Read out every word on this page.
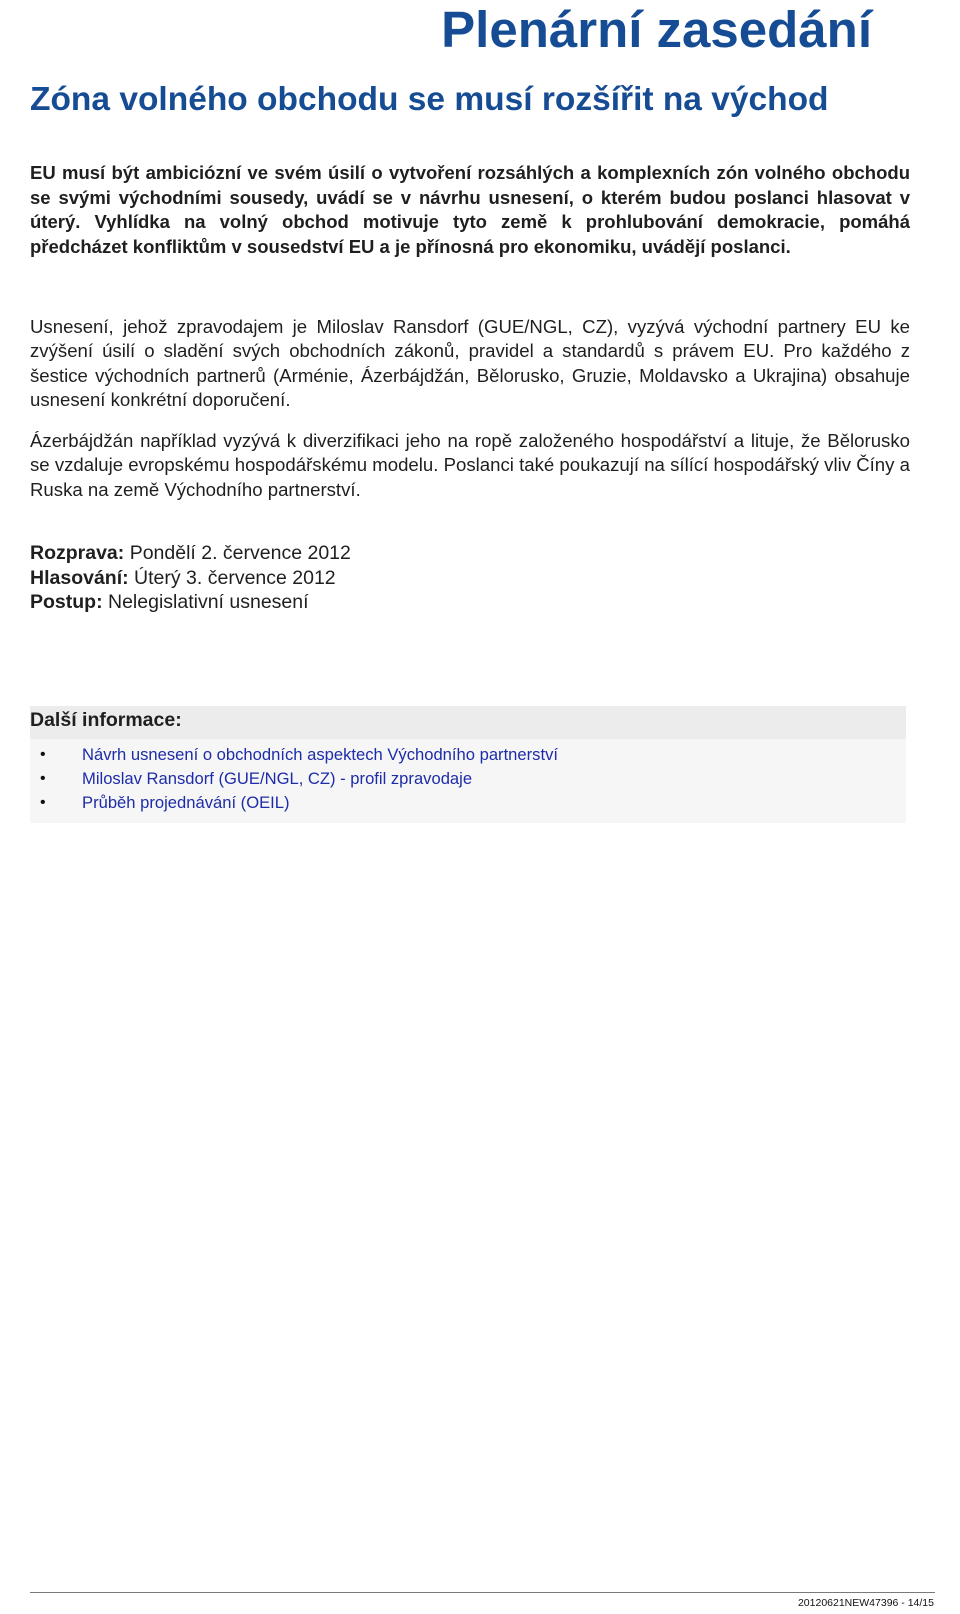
Plenární zasedání
Zóna volného obchodu se musí rozšířit na východ

EU musí být ambiciózní ve svém úsilí o vytvoření rozsáhlých a komplexních zón volného obchodu se svými východními sousedy, uvádí se v návrhu usnesení, o kterém budou poslanci hlasovat v úterý. Vyhlídka na volný obchod motivuje tyto země k prohlubování demokracie, pomáhá předcházet konfliktům v sousedství EU a je přínosná pro ekonomiku, uvádějí poslanci.

Usnesení, jehož zpravodajem je Miloslav Ransdorf (GUE/NGL, CZ), vyzývá východní partnery EU ke zvýšení úsilí o sladění svých obchodních zákonů, pravidel a standardů s právem EU. Pro každého z šestice východních partnerů (Arménie, Ázerbájdžán, Bělorusko, Gruzie, Moldavsko a Ukrajina) obsahuje usnesení konkrétní doporučení.

Ázerbájdžán například vyzývá k diverzifikaci jeho na ropě založeného hospodářství a lituje, že Bělorusko se vzdaluje evropskému hospodářskému modelu. Poslanci také poukazují na sílící hospodářský vliv Číny a Ruska na země Východního partnerství.

Rozprava: Pondělí 2. července 2012
Hlasování: Úterý 3. července 2012
Postup: Nelegislativní usnesení
Další informace:
• Návrh usnesení o obchodních aspektech Východního partnerství
• Miloslav Ransdorf (GUE/NGL, CZ) - profil zpravodaje
• Průběh projednávání (OEIL)
20120621NEW47396 - 14/15
